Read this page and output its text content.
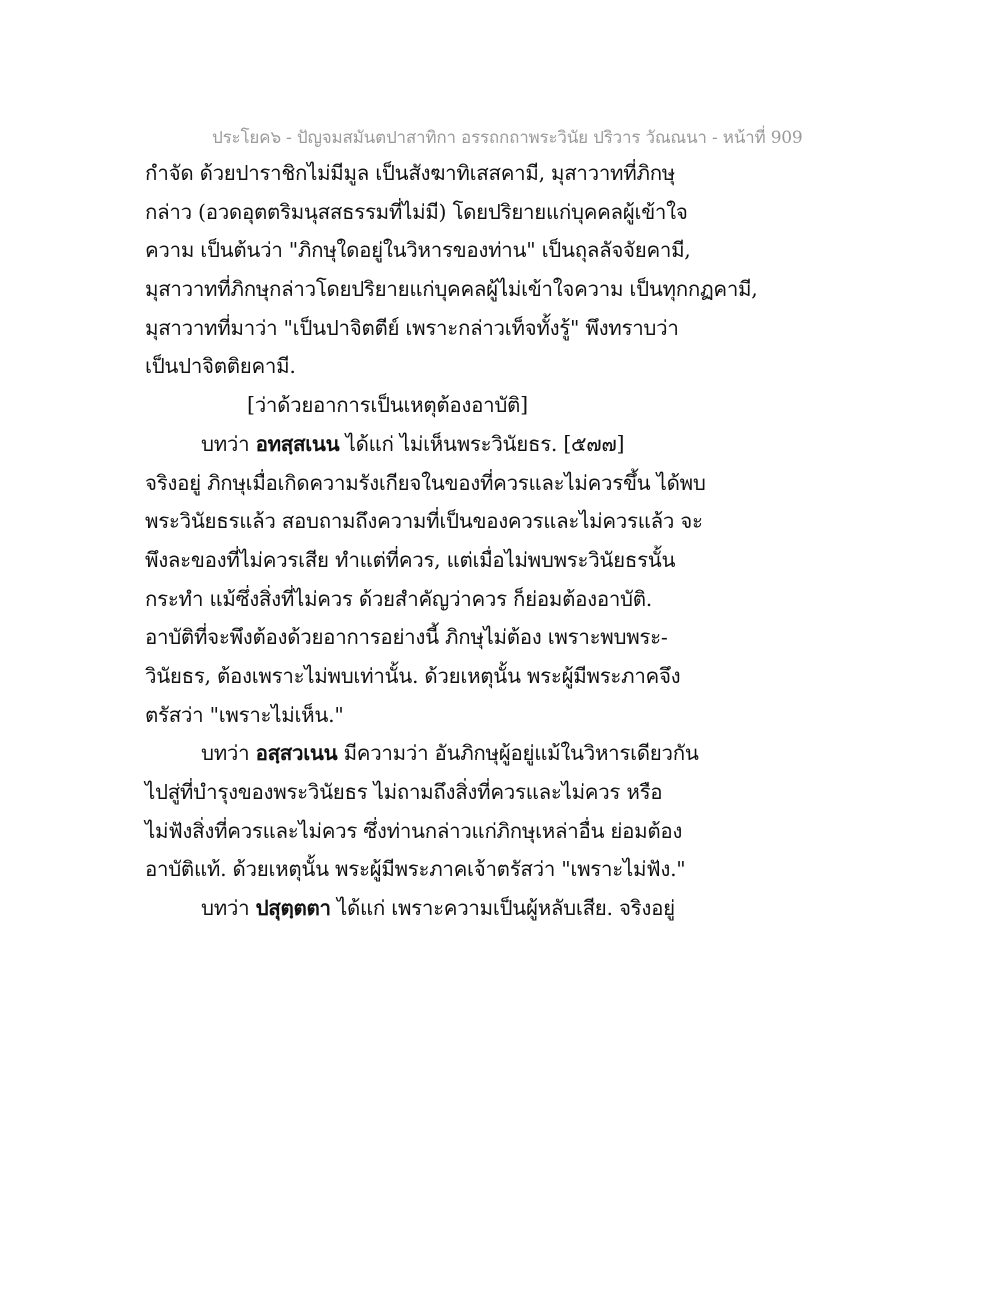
ประโยค๖ - ปัญจมสมันตปาสาทิกา อรรถกถาพระวินัย ปริวาร วัณณนา - หน้าที่ 909
กำจัด ด้วยปาราชิกไม่มีมูล เป็นสังฆาทิเสสคามี, มุสาวาทที่ภิกษุ
กล่าว (อวดอุตตริมนุสสธรรมที่ไม่มี) โดยปริยายแก่บุคคลผู้เข้าใจ
ความ เป็นต้นว่า "ภิกษุใดอยู่ในวิหารของท่าน" เป็นถุลลัจจัยคามี,
มุสาวาทที่ภิกษุกล่าวโดยปริยายแก่บุคคลผู้ไม่เข้าใจความ เป็นทุกกฏคามี,
มุสาวาทที่มาว่า "เป็นปาจิตตีย์ เพราะกล่าวเท็จทั้งรู้" พึงทราบว่า
เป็นปาจิตติยคามี.
[ว่าด้วยอาการเป็นเหตุต้องอาบัติ]
บทว่า อทสฺสเนน ได้แก่ ไม่เห็นพระวินัยธร. [๕๗๗]
จริงอยู่ ภิกษุเมื่อเกิดความรังเกียจในของที่ควรและไม่ควรขึ้น ได้พบ
พระวินัยธรแล้ว สอบถามถึงความที่เป็นของควรและไม่ควรแล้ว จะ
พึงละของที่ไม่ควรเสีย ทำแต่ที่ควร, แต่เมื่อไม่พบพระวินัยธรนั้น
กระทำ แม้ซึ่งสิ่งที่ไม่ควร ด้วยสำคัญว่าควร ก็ย่อมต้องอาบัติ.
อาบัติที่จะพึงต้องด้วยอาการอย่างนี้ ภิกษุไม่ต้อง เพราะพบพระ-
วินัยธร, ต้องเพราะไม่พบเท่านั้น. ด้วยเหตุนั้น พระผู้มีพระภาคจึง
ตรัสว่า "เพราะไม่เห็น."
บทว่า อสฺสวเนน มีความว่า อันภิกษุผู้อยู่แม้ในวิหารเดียวกัน
ไปสู่ที่บำรุงของพระวินัยธร ไม่ถามถึงสิ่งที่ควรและไม่ควร หรือ
ไม่ฟังสิ่งที่ควรและไม่ควร ซึ่งท่านกล่าวแก่ภิกษุเหล่าอื่น ย่อมต้อง
อาบัติแท้. ด้วยเหตุนั้น พระผู้มีพระภาคเจ้าตรัสว่า "เพราะไม่ฟัง."
บทว่า ปสุตฺตตา ได้แก่ เพราะความเป็นผู้หลับเสีย. จริงอยู่
